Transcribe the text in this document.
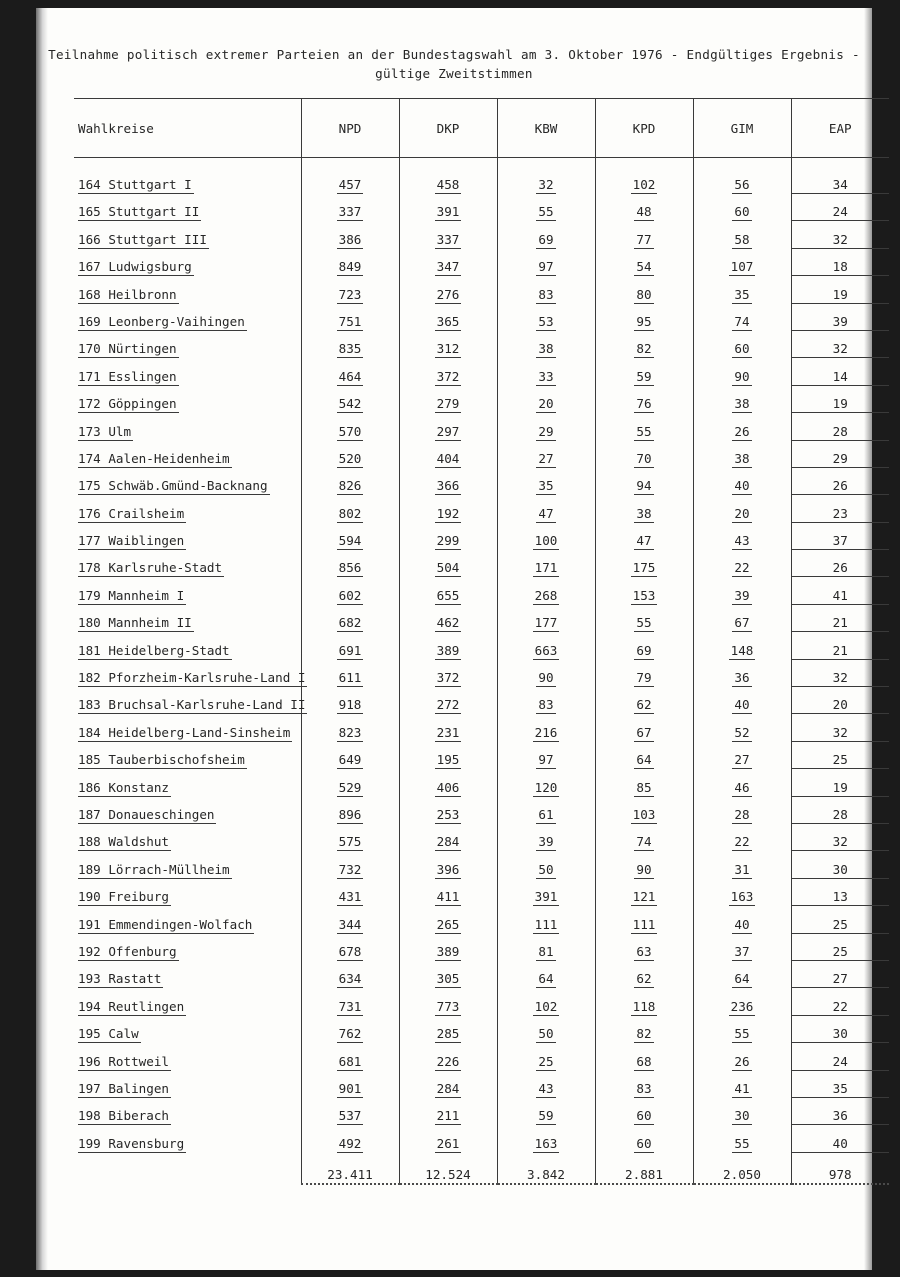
Teilnahme politisch extremer Parteien an der Bundestagswahl am 3. Oktober 1976 - Endgültiges Ergebnis -
gültige Zweitstimmen
Wahlkreise	NPD	DKP	KBW	KPD	GIM	EAP
164 Stuttgart I	457	458	32	102	56	34
165 Stuttgart II	337	391	55	48	60	24
166 Stuttgart III	386	337	69	77	58	32
167 Ludwigsburg	849	347	97	54	107	18
168 Heilbronn	723	276	83	80	35	19
169 Leonberg-Vaihingen	751	365	53	95	74	39
170 Nürtingen	835	312	38	82	60	32
171 Esslingen	464	372	33	59	90	14
172 Göppingen	542	279	20	76	38	19
173 Ulm	570	297	29	55	26	28
174 Aalen-Heidenheim	520	404	27	70	38	29
175 Schwäb.Gmünd-Backnang	826	366	35	94	40	26
176 Crailsheim	802	192	47	38	20	23
177 Waiblingen	594	299	100	47	43	37
178 Karlsruhe-Stadt	856	504	171	175	22	26
179 Mannheim I	602	655	268	153	39	41
180 Mannheim II	682	462	177	55	67	21
181 Heidelberg-Stadt	691	389	663	69	148	21
182 Pforzheim-Karlsruhe-Land I	611	372	90	79	36	32
183 Bruchsal-Karlsruhe-Land II	918	272	83	62	40	20
184 Heidelberg-Land-Sinsheim	823	231	216	67	52	32
185 Tauberbischofsheim	649	195	97	64	27	25
186 Konstanz	529	406	120	85	46	19
187 Donaueschingen	896	253	61	103	28	28
188 Waldshut	575	284	39	74	22	32
189 Lörrach-Müllheim	732	396	50	90	31	30
190 Freiburg	431	411	391	121	163	13
191 Emmendingen-Wolfach	344	265	111	111	40	25
192 Offenburg	678	389	81	63	37	25
193 Rastatt	634	305	64	62	64	27
194 Reutlingen	731	773	102	118	236	22
195 Calw	762	285	50	82	55	30
196 Rottweil	681	226	25	68	26	24
197 Balingen	901	284	43	83	41	35
198 Biberach	537	211	59	60	30	36
199 Ravensburg	492	261	163	60	55	40
	23.411	12.524	3.842	2.881	2.050	978
